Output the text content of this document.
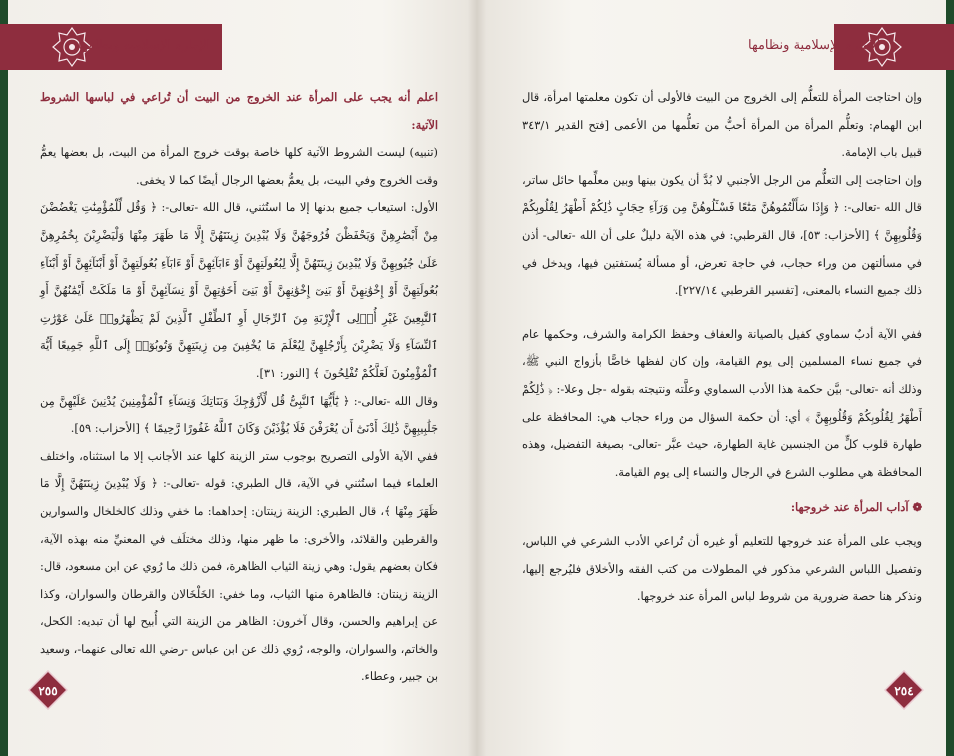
الإمارة الإسلامية ونظامها

اعلم أنه يجب على المرأة عند الخروج من البيت أن تُراعي في لباسها الشروط الآتية:

(تنبيه) ليست الشروط الآتية كلها خاصة بوقت خروج المرأة من البيت، بل بعضها يعمُّ وقت الخروج وفي البيت، بل يعمُّ بعضها الرجال أيضًا كما لا يخفى.

الأول: استيعاب جميع بدنها إلا ما استُثني، قال الله -تعالى-: ﴿ وَقُل لِّلْمُؤْمِنَٰتِ يَغْضُضْنَ مِنْ أَبْصَٰرِهِنَّ وَيَحْفَظْنَ فُرُوجَهُنَّ وَلَا يُبْدِينَ زِينَتَهُنَّ إِلَّا مَا ظَهَرَ مِنْهَا وَلْيَضْرِبْنَ بِخُمُرِهِنَّ عَلَىٰ جُيُوبِهِنَّ وَلَا يُبْدِينَ زِينَتَهُنَّ إِلَّا لِبُعُولَتِهِنَّ أَوْ ءَابَآئِهِنَّ أَوْ ءَابَآءِ بُعُولَتِهِنَّ أَوْ أَبْنَآئِهِنَّ أَوْ أَبْنَآءِ بُعُولَتِهِنَّ أَوْ إِخْوَٰنِهِنَّ أَوْ بَنِىٓ إِخْوَٰنِهِنَّ أَوْ بَنِىٓ أَخَوَٰتِهِنَّ أَوْ نِسَآئِهِنَّ أَوْ مَا مَلَكَتْ أَيْمَٰنُهُنَّ أَوِ ٱلتَّٰبِعِينَ غَيْرِ أُو۟لِى ٱلْإِرْبَةِ مِنَ ٱلرِّجَالِ أَوِ ٱلطِّفْلِ ٱلَّذِينَ لَمْ يَظْهَرُوا۟ عَلَىٰ عَوْرَٰتِ ٱلنِّسَآءِ وَلَا يَضْرِبْنَ بِأَرْجُلِهِنَّ لِيُعْلَمَ مَا يُخْفِينَ مِن زِينَتِهِنَّ وَتُوبُوٓا۟ إِلَى ٱللَّهِ جَمِيعًا أَيُّهَ ٱلْمُؤْمِنُونَ لَعَلَّكُمْ تُفْلِحُونَ ﴾ [النور: ٣١].

وقال الله -تعالى-: ﴿ يَٰٓأَيُّهَا ٱلنَّبِىُّ قُل لِّأَزْوَٰجِكَ وَبَنَاتِكَ وَنِسَآءِ ٱلْمُؤْمِنِينَ يُدْنِينَ عَلَيْهِنَّ مِن جَلَٰبِيبِهِنَّ ذَٰلِكَ أَدْنَىٰٓ أَن يُعْرَفْنَ فَلَا يُؤْذَيْنَ وَكَانَ ٱللَّهُ غَفُورًا رَّحِيمًا ﴾ [الأحزاب: ٥٩].

ففي الآية الأولى التصريح بوجوب ستر الزينة كلها عند الأجانب إلا ما استثناه، واختلف العلماء فيما استُثني في الآية، قال الطبري: قوله -تعالى-: ﴿ وَلَا يُبْدِينَ زِينَتَهُنَّ إِلَّا مَا ظَهَرَ مِنْهَا ﴾، قال الطبري: الزينة زينتان: إحداهما: ما خفي وذلك كالخلخال والسوارين والقرطين والقلائد، والأخرى: ما ظهر منها، وذلك مختلَف في المعنيِّ منه بهذه الآية، فكان بعضهم يقول: وهي زينة الثياب الظاهرة، فمن ذلك ما رُوي عن ابن مسعود، قال: الزينة زينتان: فالظاهرة منها الثياب، وما خفي: الخَلْخَالان والقرطان والسواران، وكذا عن إبراهيم والحسن، وقال آخرون: الظاهر من الزينة التي أُبيح لها أن تبديه: الكحل، والخاتم، والسواران، والوجه، رُوي ذلك عن ابن عباس -رضي الله تعالى عنهما-، وسعيد بن جبير، وعطاء.

٢٥٥
الإمارة الإسلامية ونظامها

وإن احتاجت المرأة للتعلُّم إلى الخروج من البيت فالأولى أن تكون معلمتها امرأة، قال ابن الهمام: وتعلُّم المرأة من المرأة أحبُّ من تعلُّمها من الأعمى [فتح القدير ٣٤٣/١ قبيل باب الإمامة.

وإن احتاجت إلى التعلُّم من الرجل الأجنبي لا بُدَّ أن يكون بينها وبين معلِّمها حائل ساتر، قال الله -تعالى-: ﴿ وَإِذَا سَأَلْتُمُوهُنَّ مَتَٰعًا فَسْـَٔلُوهُنَّ مِن وَرَآءِ حِجَابٍ ذَٰلِكُمْ أَطْهَرُ لِقُلُوبِكُمْ وَقُلُوبِهِنَّ ﴾ [الأحزاب: ٥٣]، قال القرطبي: في هذه الآية دليلٌ على أن الله -تعالى- أذن في مسألتهن من وراء حجاب، في حاجة تعرض، أو مسألة يُستفتين فيها، ويدخل في ذلك جميع النساء بالمعنى، [تفسير القرطبي ٢٢٧/١٤].

ففي الآية أدبٌ سماوي كفيل بالصيانة والعفاف وحفظ الكرامة والشرف، وحكمها عام في جميع نساء المسلمين إلى يوم القيامة، وإن كان لفظها خاصًّا بأزواج النبي ﷺ، وذلك أنه -تعالى- بيَّن حكمة هذا الأدب السماوي وعلَّته ونتيجته بقوله -جل وعلا-: ﴿ ذَٰلِكُمْ أَطْهَرُ لِقُلُوبِكُمْ وَقُلُوبِهِنَّ ﴾ أي: أن حكمة السؤال من وراء حجاب هي: المحافظة على طهارة قلوب كلٍّ من الجنسين غاية الطهارة، حيث عبَّر -تعالى- بصيغة التفضيل، وهذه المحافظة هي مطلوب الشرع في الرجال والنساء إلى يوم القيامة.

❁ آداب المرأة عند خروجها:

ويجب على المرأة عند خروجها للتعليم أو غيره أن تُراعي الأدب الشرعي في اللباس، وتفصيل اللباس الشرعي مذكور في المطولات من كتب الفقه والأخلاق فليُرجع إليها، ونذكر هنا حصة ضرورية من شروط لباس المرأة عند خروجها.

٢٥٤
